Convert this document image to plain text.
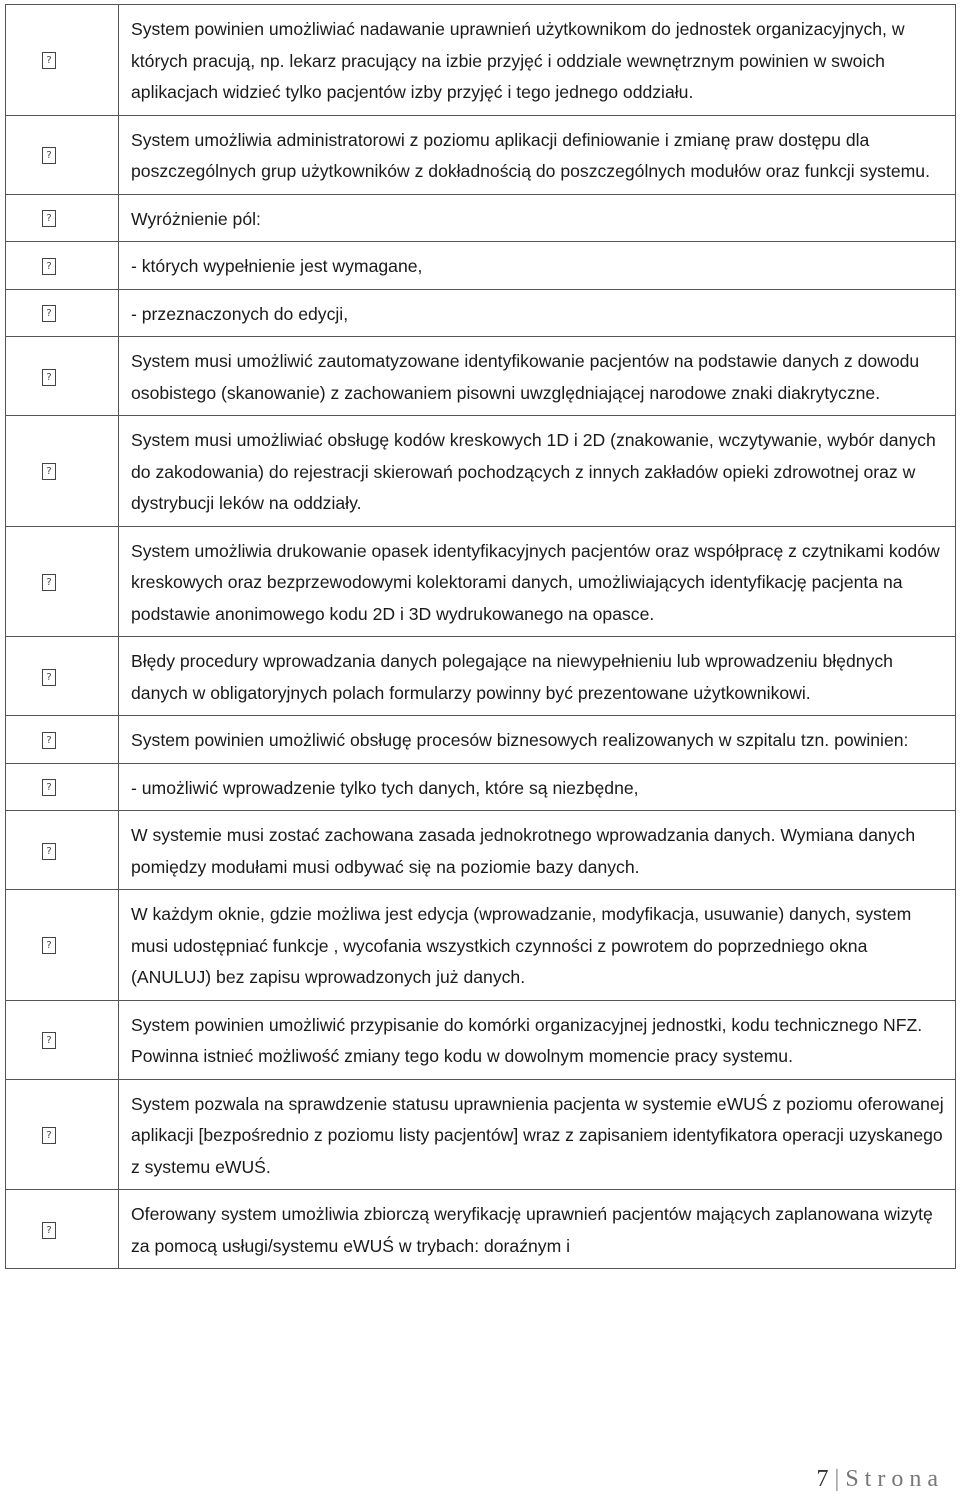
?	System powinien umożliwiać nadawanie uprawnień użytkownikom do jednostek organizacyjnych, w których pracują, np. lekarz pracujący na izbie przyjęć i oddziale wewnętrznym powinien w swoich aplikacjach widzieć tylko pacjentów izby przyjęć i tego jednego oddziału.
?	System umożliwia administratorowi z poziomu aplikacji definiowanie i zmianę praw dostępu dla poszczególnych grup użytkowników z dokładnością do poszczególnych modułów oraz funkcji systemu.
?	Wyróżnienie pól:
?	- których wypełnienie jest wymagane,
?	- przeznaczonych do edycji,
?	System musi umożliwić zautomatyzowane identyfikowanie pacjentów na podstawie danych z dowodu osobistego (skanowanie) z zachowaniem pisowni uwzględniającej narodowe znaki diakrytyczne.
?	System musi umożliwiać obsługę kodów kreskowych 1D i 2D (znakowanie, wczytywanie, wybór danych do zakodowania) do rejestracji skierowań pochodzących z innych zakładów opieki zdrowotnej oraz w dystrybucji leków na oddziały.
?	System umożliwia drukowanie opasek identyfikacyjnych pacjentów oraz współpracę z czytnikami kodów kreskowych oraz bezprzewodowymi kolektorami danych, umożliwiających identyfikację pacjenta na podstawie anonimowego kodu 2D i 3D wydrukowanego na opasce.
?	Błędy procedury wprowadzania danych polegające na niewypełnieniu lub wprowadzeniu błędnych danych w obligatoryjnych polach formularzy powinny być prezentowane użytkownikowi.
?	System powinien umożliwić obsługę procesów biznesowych realizowanych w szpitalu tzn. powinien:
?	- umożliwić wprowadzenie tylko tych danych, które są niezbędne,
?	W systemie musi zostać zachowana zasada jednokrotnego wprowadzania danych. Wymiana danych pomiędzy modułami musi odbywać się na poziomie bazy danych.
?	W każdym oknie, gdzie możliwa jest edycja (wprowadzanie, modyfikacja, usuwanie) danych, system musi udostępniać funkcje , wycofania wszystkich czynności z powrotem do poprzedniego okna (ANULUJ) bez zapisu wprowadzonych już danych.
?	System powinien umożliwić przypisanie do komórki organizacyjnej jednostki, kodu technicznego NFZ. Powinna istnieć możliwość zmiany tego kodu w dowolnym momencie pracy systemu.
?	System pozwala na sprawdzenie statusu uprawnienia pacjenta w systemie eWUŚ z poziomu oferowanej aplikacji [bezpośrednio z poziomu listy pacjentów] wraz z zapisaniem identyfikatora operacji uzyskanego z systemu eWUŚ.
?	Oferowany system umożliwia zbiorczą weryfikację uprawnień pacjentów mających zaplanowana wizytę za pomocą usługi/systemu eWUŚ w trybach: doraźnym i
7 | Strona
